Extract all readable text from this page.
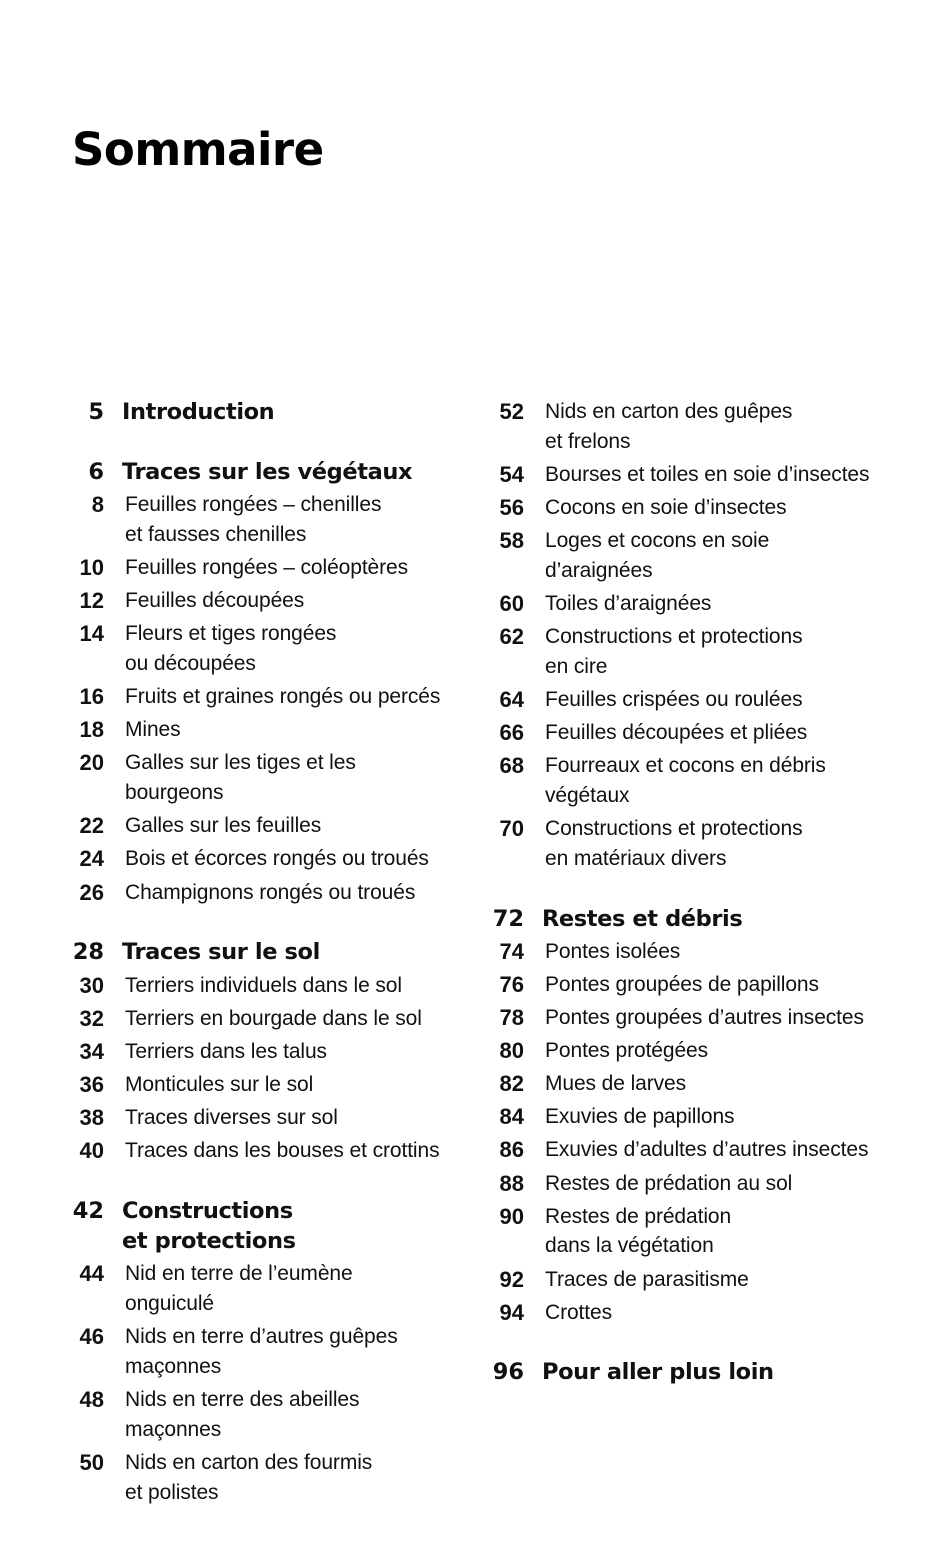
Sommaire
5 Introduction
6 Traces sur les végétaux
8	Feuilles rongées – chenilles
et fausses chenilles
10	Feuilles rongées – coléoptères
12	Feuilles découpées
14	Fleurs et tiges rongées
ou découpées
16	Fruits et graines rongés ou percés
18	Mines
20	Galles sur les tiges et les bourgeons
22	Galles sur les feuilles
24	Bois et écorces rongés ou troués
26	Champignons rongés ou troués
28 Traces sur le sol
30	Terriers individuels dans le sol
32	Terriers en bourgade dans le sol
34	Terriers dans les talus
36	Monticules sur le sol
38	Traces diverses sur sol
40	Traces dans les bouses et crottins
42 Constructions
et protections
44	Nid en terre de l’eumène
onguiculé
46	Nids en terre d’autres guêpes
maçonnes
48	Nids en terre des abeilles
maçonnes
50	Nids en carton des fourmis
et polistes
52	Nids en carton des guêpes
et frelons
54	Bourses et toiles en soie d’insectes
56	Cocons en soie d’insectes
58	Loges et cocons en soie
d’araignées
60	Toiles d’araignées
62	Constructions et protections
en cire
64	Feuilles crispées ou roulées
66	Feuilles découpées et pliées
68	Fourreaux et cocons en débris
végétaux
70	Constructions et protections
en matériaux divers
72 Restes et débris
74	Pontes isolées
76	Pontes groupées de papillons
78	Pontes groupées d’autres insectes
80	Pontes protégées
82	Mues de larves
84	Exuvies de papillons
86	Exuvies d’adultes d’autres insectes
88	Restes de prédation au sol
90	Restes de prédation
dans la végétation
92	Traces de parasitisme
94	Crottes
96 Pour aller plus loin
